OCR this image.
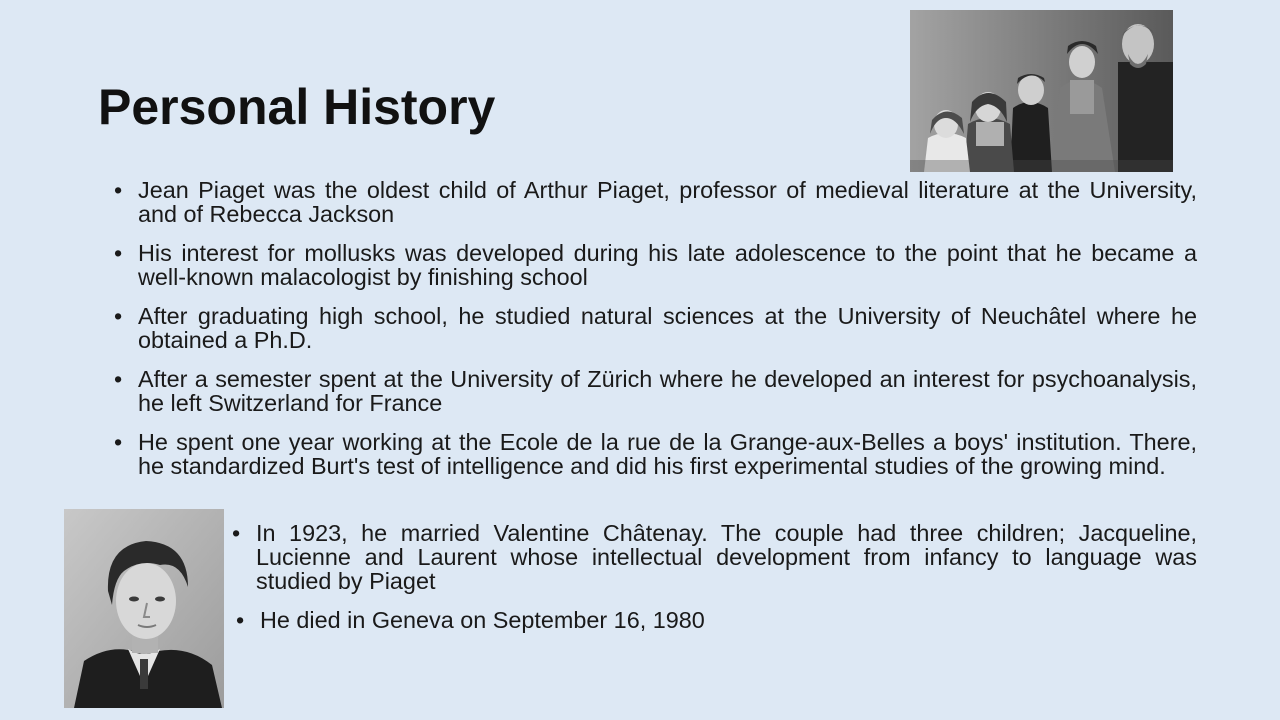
Personal History
• Jean Piaget was the oldest child of Arthur Piaget, professor of medieval literature at the University, and of Rebecca Jackson
• His interest for mollusks was developed during his late adolescence to the point that he became a well-known malacologist by finishing school
• After graduating high school, he studied natural sciences at the University of Neuchâtel where he obtained a Ph.D.
• After a semester spent at the University of Zürich where he developed an interest for psychoanalysis, he left Switzerland for France
• He spent one year working at the Ecole de la rue de la Grange-aux-Belles a boys' institution. There, he standardized Burt's test of intelligence and did his first experimental studies of the growing mind.
• In 1923, he married Valentine Châtenay. The couple had three children; Jacqueline, Lucienne and Laurent whose intellectual development from infancy to language was studied by Piaget
• He died in Geneva on September 16, 1980
